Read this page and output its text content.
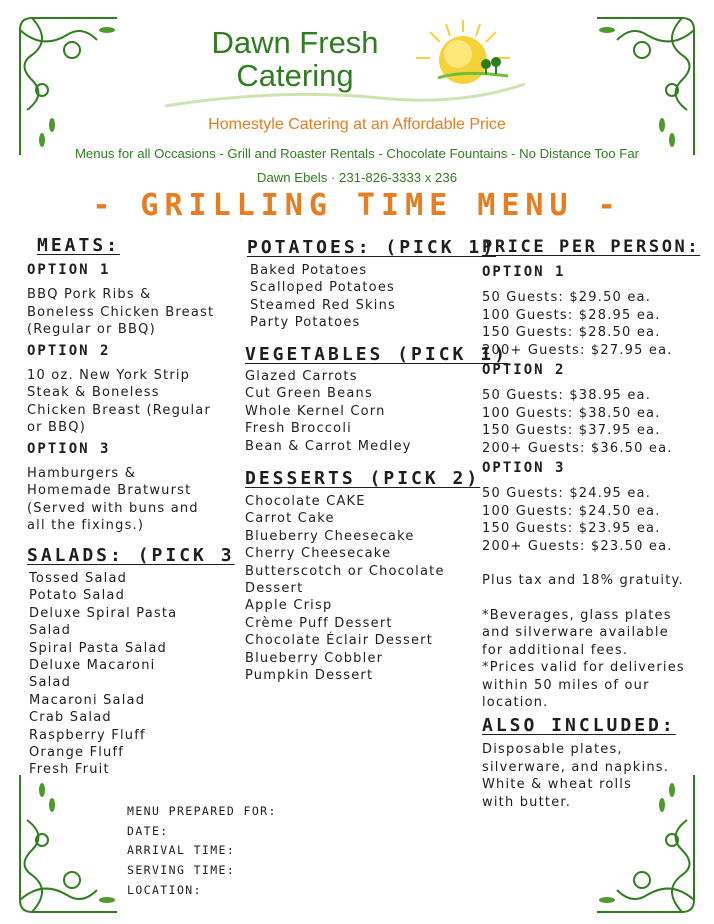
Dawn Fresh
Catering
Homestyle Catering at an Affordable Price
Menus for all Occasions - Grill and Roaster Rentals - Chocolate Fountains - No Distance Too Far
Dawn Ebels · 231-826-3333 x 236
- GRILLING TIME MENU -
MEATS:
OPTION 1
BBQ Pork Ribs &
Boneless Chicken Breast
(Regular or BBQ)
OPTION 2
10 oz. New York Strip
Steak & Boneless
Chicken Breast (Regular
or BBQ)
OPTION 3
Hamburgers &
Homemade Bratwurst
(Served with buns and
all the fixings.)
SALADS: (PICK 3
Tossed Salad
Potato Salad
Deluxe Spiral Pasta
Salad
Spiral Pasta Salad
Deluxe Macaroni
Salad
Macaroni Salad
Crab Salad
Raspberry Fluff
Orange Fluff
Fresh Fruit
POTATOES: (PICK 1)
Baked Potatoes
Scalloped Potatoes
Steamed Red Skins
Party Potatoes
VEGETABLES (PICK 1)
Glazed Carrots
Cut Green Beans
Whole Kernel Corn
Fresh Broccoli
Bean & Carrot Medley
DESSERTS (PICK 2)
Chocolate CAKE
Carrot Cake
Blueberry Cheesecake
Cherry Cheesecake
Butterscotch or Chocolate
Dessert
Apple Crisp
Crème Puff Dessert
Chocolate Éclair Dessert
Blueberry Cobbler
Pumpkin Dessert
PRICE PER PERSON:
OPTION 1
50 Guests: $29.50 ea.
100 Guests: $28.95 ea.
150 Guests: $28.50 ea.
200+ Guests: $27.95 ea.
OPTION 2
50 Guests: $38.95 ea.
100 Guests: $38.50 ea.
150 Guests: $37.95 ea.
200+ Guests: $36.50 ea.
OPTION 3
50 Guests: $24.95 ea.
100 Guests: $24.50 ea.
150 Guests: $23.95 ea.
200+ Guests: $23.50 ea.
Plus tax and 18% gratuity.
*Beverages, glass plates
and silverware available
for additional fees.
*Prices valid for deliveries
within 50 miles of our
location.
ALSO INCLUDED:
Disposable plates,
silverware, and napkins.
White & wheat rolls
with butter.
MENU PREPARED FOR:
DATE:
ARRIVAL TIME:
SERVING TIME:
LOCATION:
